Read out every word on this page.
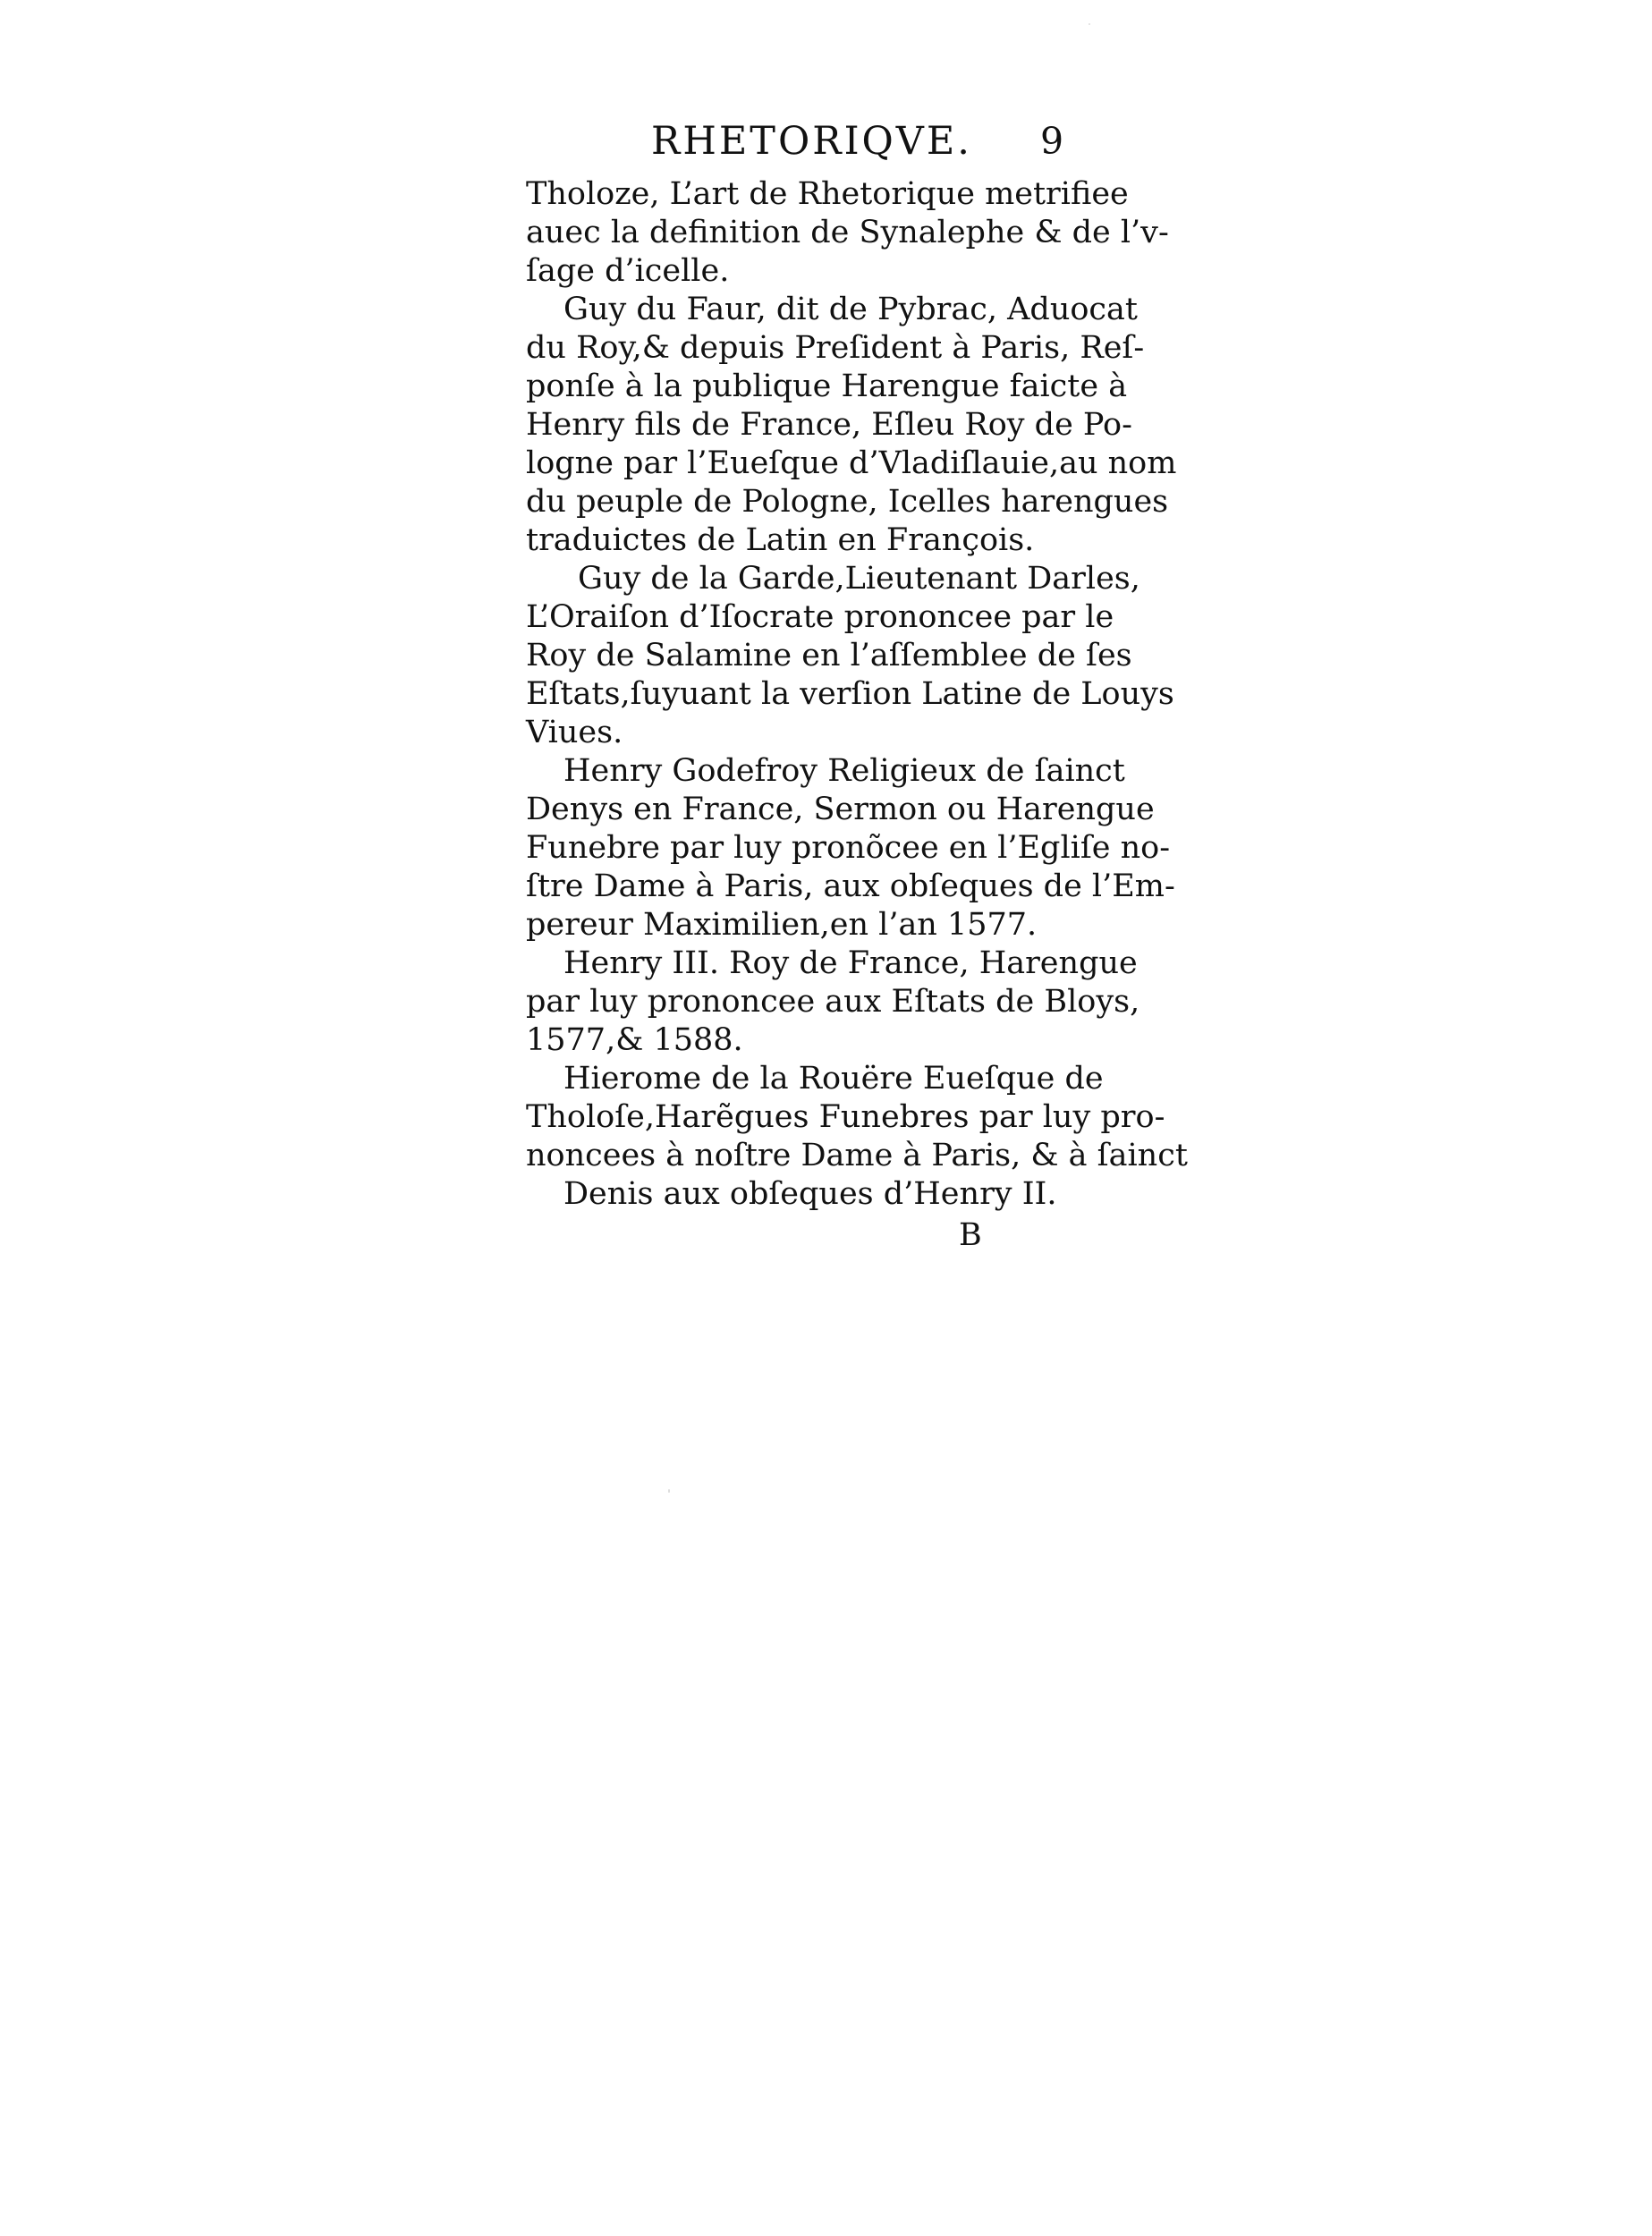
RHETORIQVE. 9
Tholoze, L’art de Rhetorique metrifiee
auec la definition de Synalephe & de l’v-
ſage d’icelle.
Guy du Faur, dit de Pybrac, Aduocat
du Roy,& depuis Preſident à Paris, Reſ-
ponſe à la publique Harengue faicte à
Henry fils de France, Eſleu Roy de Po-
logne par l’Eueſque d’Vladiſlauie,au nom
du peuple de Pologne, Icelles harengues
traduictes de Latin en François.
Guy de la Garde,Lieutenant Darles,
L’Oraiſon d’Iſocrate prononcee par le
Roy de Salamine en l’aſſemblee de ſes
Eſtats,ſuyuant la verſion Latine de Louys
Viues.
Henry Godefroy Religieux de ſainct
Denys en France, Sermon ou Harengue
Funebre par luy pronõcee en l’Egliſe no-
ſtre Dame à Paris, aux obſeques de l’Em-
pereur Maximilien,en l’an 1577.
Henry III. Roy de France, Harengue
par luy prononcee aux Eſtats de Bloys,
1577,& 1588.
Hierome de la Rouëre Eueſque de
Tholoſe,Harẽgues Funebres par luy pro-
noncees à noſtre Dame à Paris, & à ſainct
Denis aux obſeques d’Henry II.
B
